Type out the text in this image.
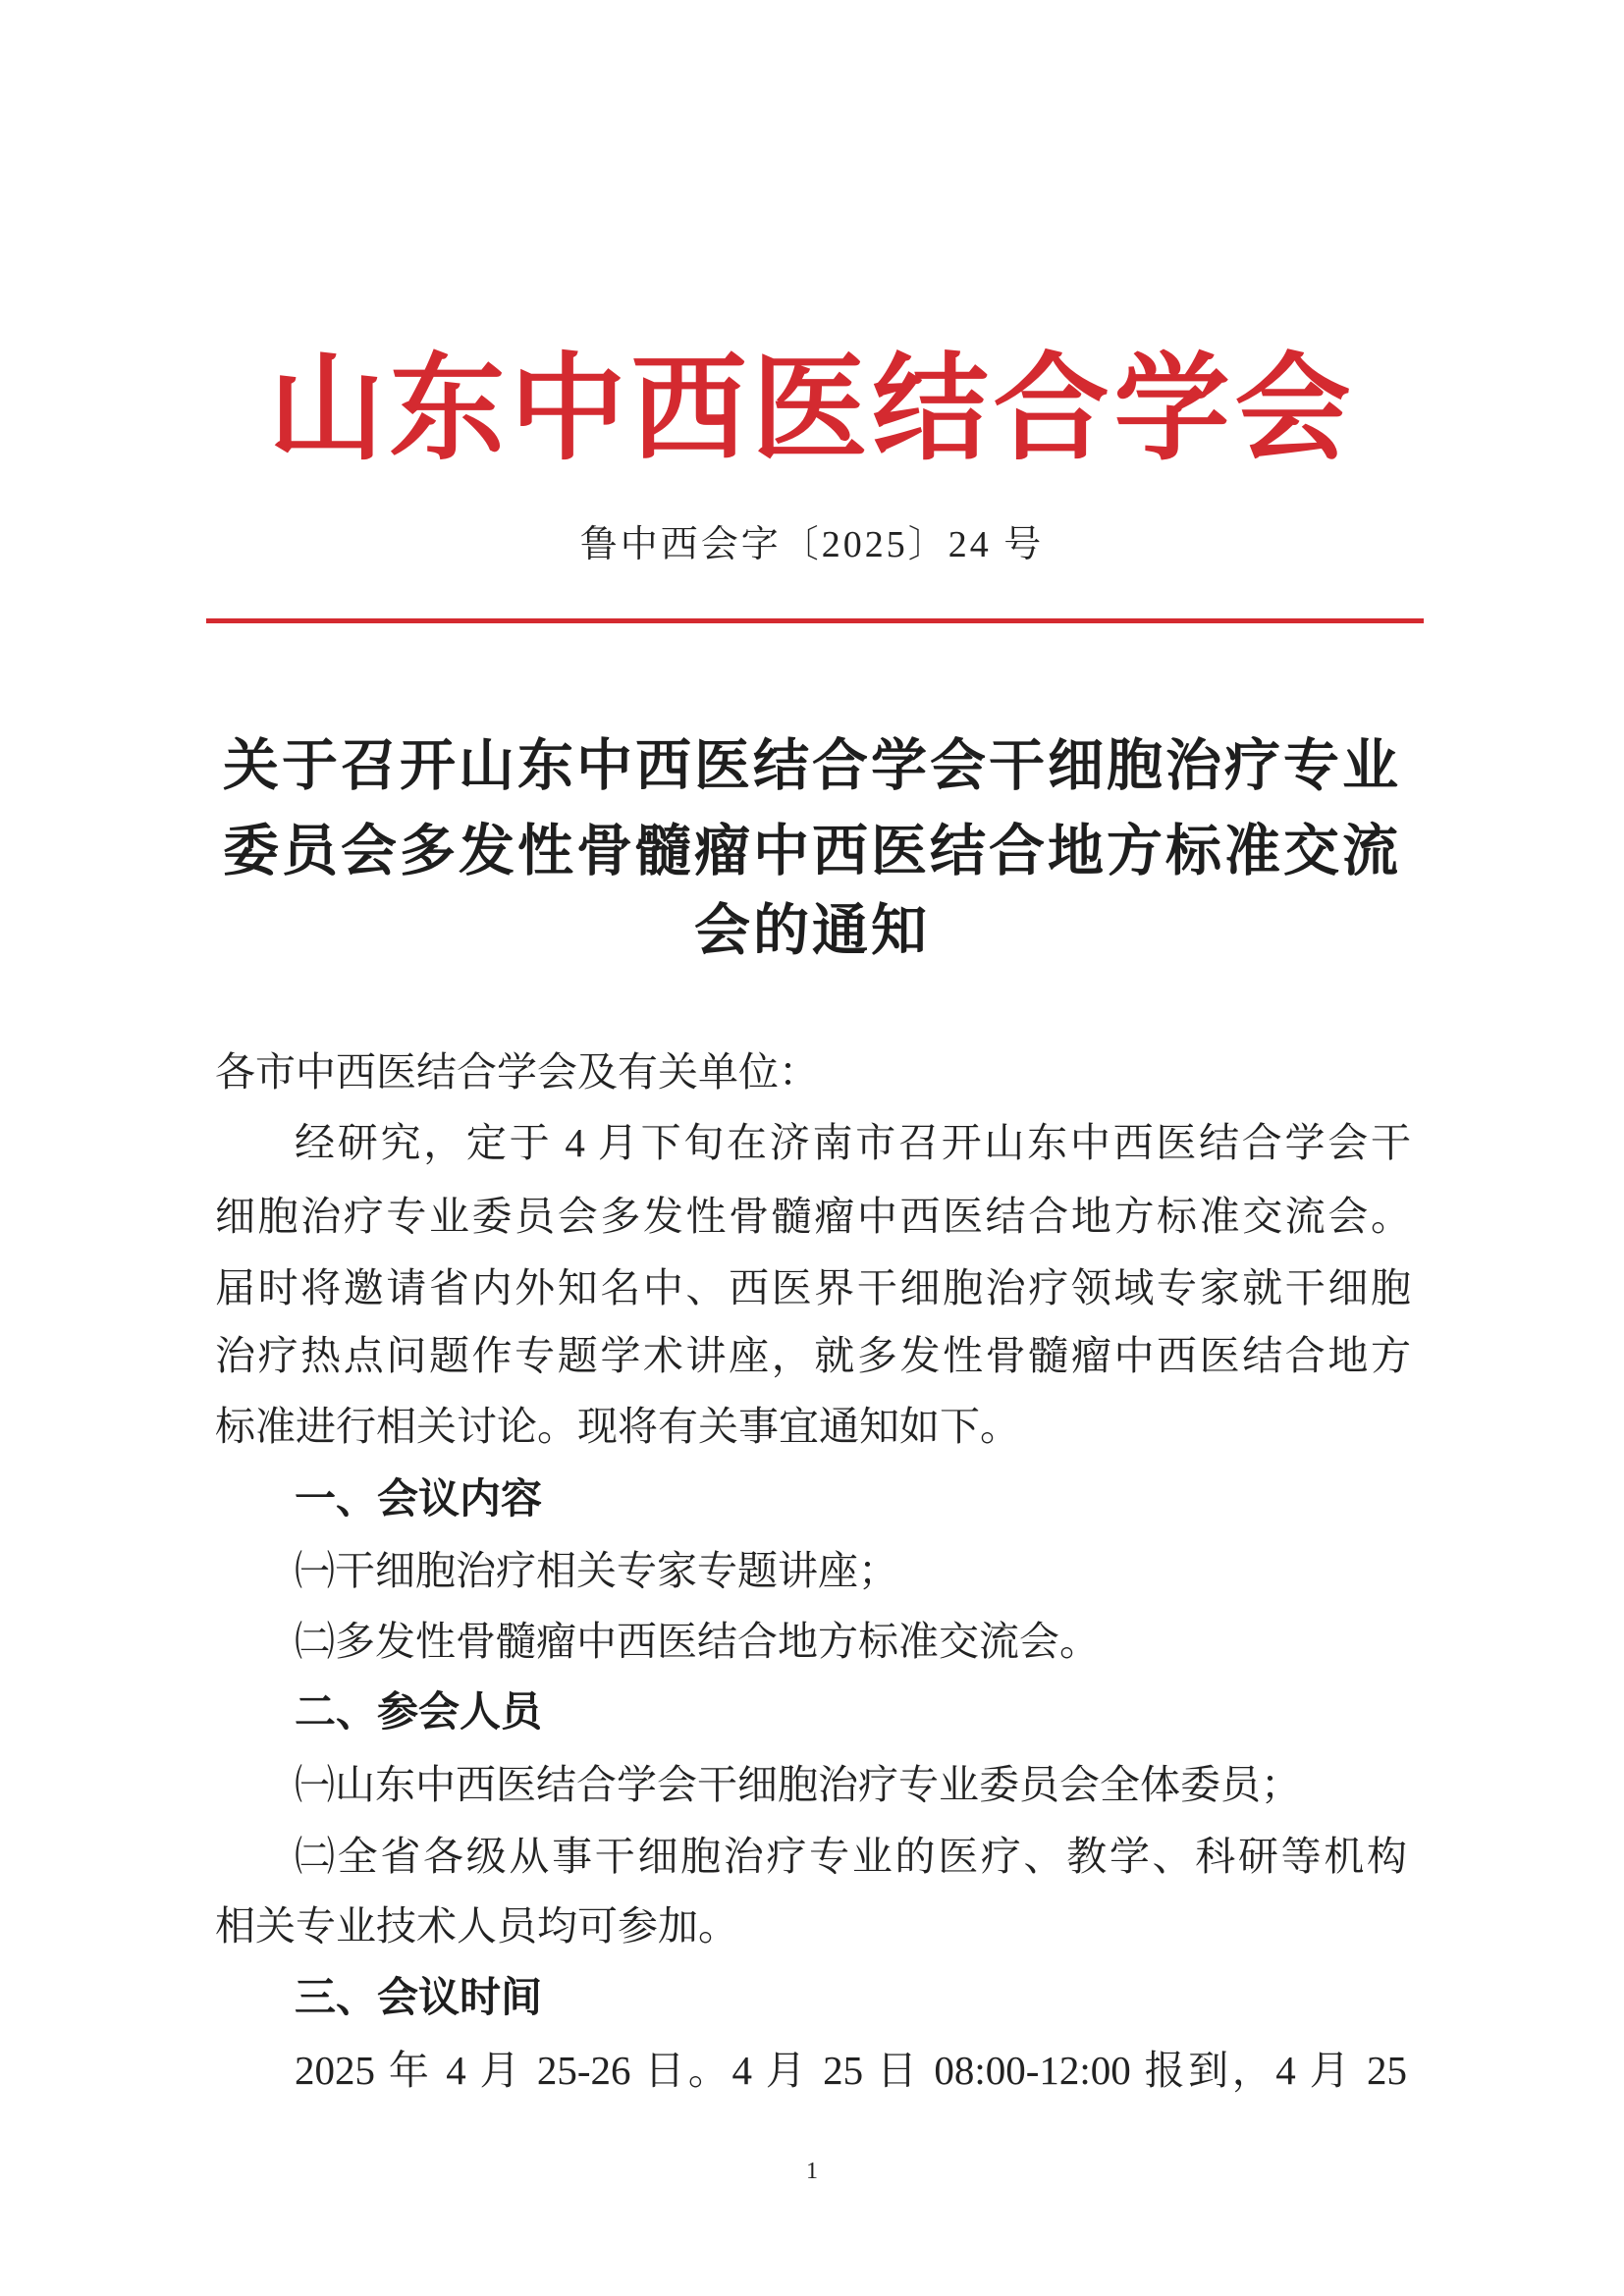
山东中西医结合学会
鲁中西会字〔2025〕24 号
关于召开山东中西医结合学会干细胞治疗专业
委员会多发性骨髓瘤中西医结合地方标准交流
会的通知
各市中西医结合学会及有关单位：
经研究，定于 4 月下旬在济南市召开山东中西医结合学会干
细胞治疗专业委员会多发性骨髓瘤中西医结合地方标准交流会。
届时将邀请省内外知名中、西医界干细胞治疗领域专家就干细胞
治疗热点问题作专题学术讲座，就多发性骨髓瘤中西医结合地方
标准进行相关讨论。现将有关事宜通知如下。
一、会议内容
㈠干细胞治疗相关专家专题讲座；
㈡多发性骨髓瘤中西医结合地方标准交流会。
二、参会人员
㈠山东中西医结合学会干细胞治疗专业委员会全体委员；
㈡全省各级从事干细胞治疗专业的医疗、教学、科研等机构
相关专业技术人员均可参加。
三、会议时间
2025 年 4 月 25-26 日。4 月 25 日 08:00-12:00 报到，4 月 25
1
